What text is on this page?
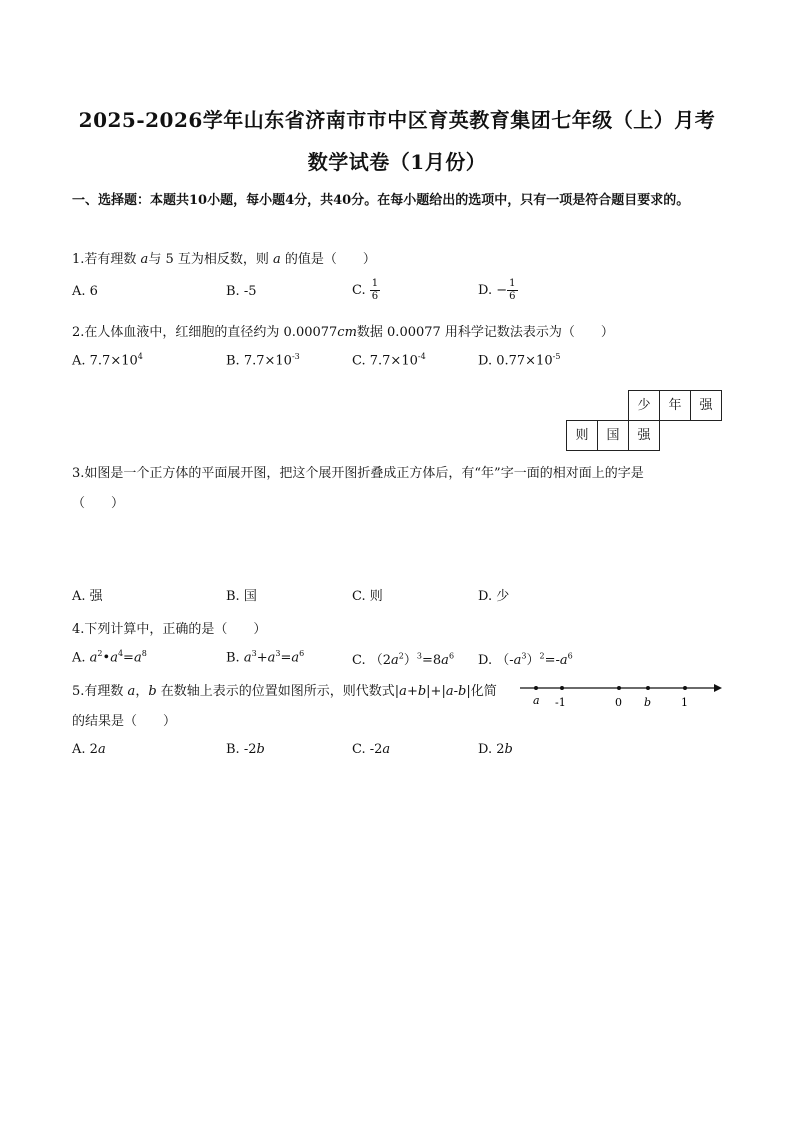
2025-2026学年山东省济南市市中区育英教育集团七年级（上）月考
数学试卷（1月份）
一、选择题：本题共10小题，每小题4分，共40分。在每小题给出的选项中，只有一项是符合题目要求的。
1.若有理数 a与 5 互为相反数，则 a 的值是（　　）
A. 6	B. -5	C. $\frac{1}{6}$	D. − $\frac{1}{6}$
2.在人体血液中，红细胞的直径约为 0.00077cm数据 0.00077 用科学记数法表示为（　　）
A. $7.7\times 10^4$	B. $7.7\times 10^{-3}$	C. $7.7\times 10^{-4}$	D. $0.77\times 10^{-5}$
少	年	强
则	国	强
3.如图是一个正方体的平面展开图，把这个展开图折叠成正方体后，有“年”字一面的相对面上的字是
（　　）
A. 强	B. 国	C. 则	D. 少
4.下列计算中，正确的是（　　）
A. $a^2•a^4=a^8$	B. $a^3+a^3=a^6$	C. $(2a^2)^3=8a^6$ D. $(-a^3)^2=-a^6$
5.有理数 a，b 在数轴上表示的位置如图所示，则代数式|a+b|+|a-b|化简
的结果是（　　）
a -1	0 b	1
A. 2a	B. -2b	C. -2a	D. 2b
